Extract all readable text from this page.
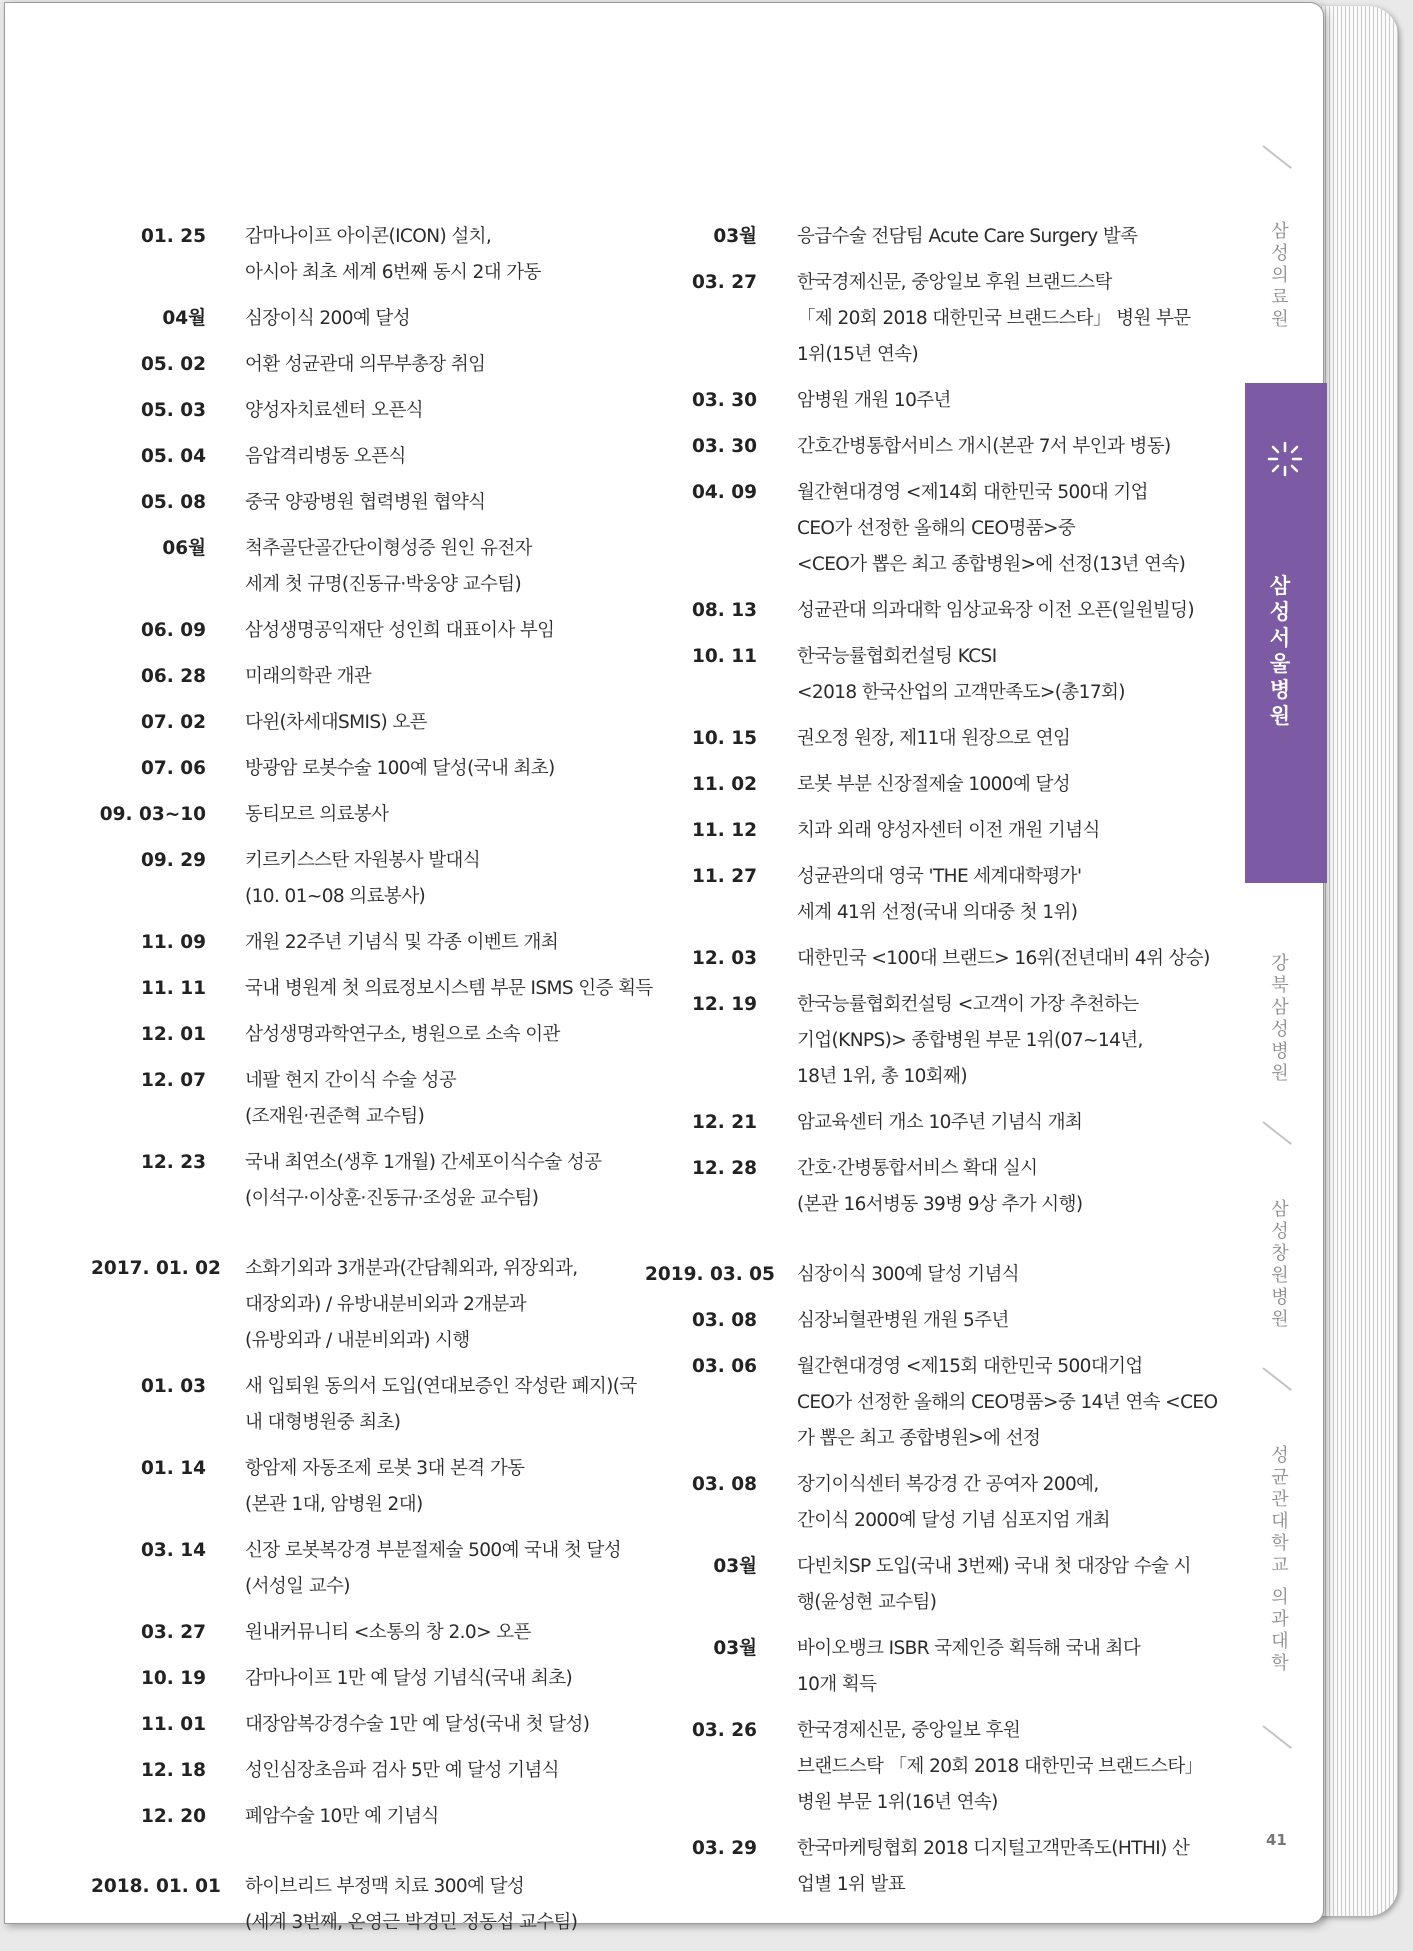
01. 25 감마나이프 아이콘(ICON) 설치,
아시아 최초 세계 6번째 동시 2대 가동
04월 심장이식 200예 달성
05. 02 어환 성균관대 의무부총장 취임
05. 03 양성자치료센터 오픈식
05. 04 음압격리병동 오픈식
05. 08 중국 양광병원 협력병원 협약식
06월 척추골단골간단이형성증 원인 유전자
세계 첫 규명(진동규·박웅양 교수팀)
06. 09 삼성생명공익재단 성인희 대표이사 부임
06. 28 미래의학관 개관
07. 02 다윈(차세대SMIS) 오픈
07. 06 방광암 로봇수술 100예 달성(국내 최초)
09. 03~10 동티모르 의료봉사
09. 29 키르키스스탄 자원봉사 발대식
(10. 01~08 의료봉사)
11. 09 개원 22주년 기념식 및 각종 이벤트 개최
11. 11 국내 병원계 첫 의료정보시스템 부문 ISMS 인증 획득
12. 01 삼성생명과학연구소, 병원으로 소속 이관
12. 07 네팔 현지 간이식 수술 성공
(조재원·권준혁 교수팀)
12. 23 국내 최연소(생후 1개월) 간세포이식수술 성공
(이석구·이상훈·진동규·조성윤 교수팀)
2017. 01. 02 소화기외과 3개분과(간담췌외과, 위장외과,
대장외과) / 유방내분비외과 2개분과
(유방외과 / 내분비외과) 시행
01. 03 새 입퇴원 동의서 도입(연대보증인 작성란 폐지)(국
내 대형병원중 최초)
01. 14 항암제 자동조제 로봇 3대 본격 가동
(본관 1대, 암병원 2대)
03. 14 신장 로봇복강경 부분절제술 500예 국내 첫 달성
(서성일 교수)
03. 27 원내커뮤니티 <소통의 창 2.0> 오픈
10. 19 감마나이프 1만 예 달성 기념식(국내 최초)
11. 01 대장암복강경수술 1만 예 달성(국내 첫 달성)
12. 18 성인심장초음파 검사 5만 예 달성 기념식
12. 20 폐암수술 10만 예 기념식
2018. 01. 01 하이브리드 부정맥 치료 300예 달성
(세계 3번째, 온영근 박경민 정동섭 교수팀)
03월 응급수술 전담팀 Acute Care Surgery 발족
03. 27 한국경제신문, 중앙일보 후원 브랜드스탁
「제 20회 2018 대한민국 브랜드스타」 병원 부문
1위(15년 연속)
03. 30 암병원 개원 10주년
03. 30 간호간병통합서비스 개시(본관 7서 부인과 병동)
04. 09 월간현대경영 <제14회 대한민국 500대 기업
CEO가 선정한 올해의 CEO명품>중
<CEO가 뽑은 최고 종합병원>에 선정(13년 연속)
08. 13 성균관대 의과대학 임상교육장 이전 오픈(일원빌딩)
10. 11 한국능률협회컨설팅 KCSI
<2018 한국산업의 고객만족도>(총17회)
10. 15 권오정 원장, 제11대 원장으로 연임
11. 02 로봇 부분 신장절제술 1000예 달성
11. 12 치과 외래 양성자센터 이전 개원 기념식
11. 27 성균관의대 영국 'THE 세계대학평가'
세계 41위 선정(국내 의대중 첫 1위)
12. 03 대한민국 <100대 브랜드> 16위(전년대비 4위 상승)
12. 19 한국능률협회컨설팅 <고객이 가장 추천하는
기업(KNPS)> 종합병원 부문 1위(07~14년,
18년 1위, 총 10회째)
12. 21 암교육센터 개소 10주년 기념식 개최
12. 28 간호·간병통합서비스 확대 실시
(본관 16서병동 39병 9상 추가 시행)
2019. 03. 05 심장이식 300예 달성 기념식
03. 08 심장뇌혈관병원 개원 5주년
03. 06 월간현대경영 <제15회 대한민국 500대기업
CEO가 선정한 올해의 CEO명품>중 14년 연속 <CEO
가 뽑은 최고 종합병원>에 선정
03. 08 장기이식센터 복강경 간 공여자 200예,
간이식 2000예 달성 기념 심포지엄 개최
03월 다빈치SP 도입(국내 3번째) 국내 첫 대장암 수술 시
행(윤성현 교수팀)
03월 바이오뱅크 ISBR 국제인증 획득해 국내 최다
10개 획득
03. 26 한국경제신문, 중앙일보 후원
브랜드스탁 「제 20회 2018 대한민국 브랜드스타」
병원 부문 1위(16년 연속)
03. 29 한국마케팅협회 2018 디지털고객만족도(HTHI) 산
업별 1위 발표
삼
성
의
료
원
삼
성
서
울
병
원
강
북
삼
성
병
원
삼
성
창
원
병
원
성
균
관
대
학
교

의
과
대
학
41
